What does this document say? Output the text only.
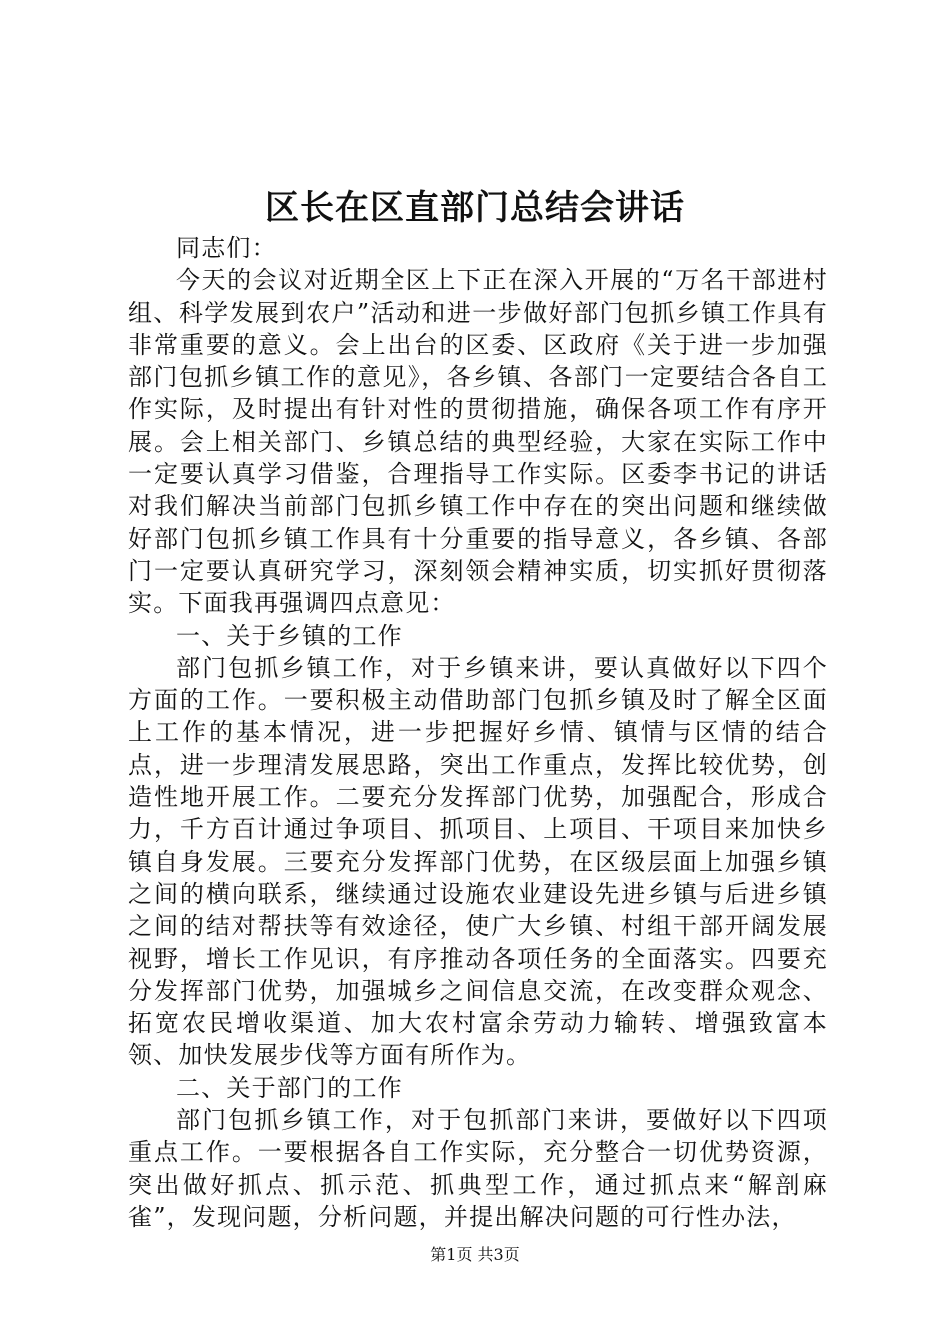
区长在区直部门总结会讲话

同志们：

今天的会议对近期全区上下正在深入开展的“万名干部进村组、科学发展到农户”活动和进一步做好部门包抓乡镇工作具有非常重要的意义。会上出台的区委、区政府《关于进一步加强部门包抓乡镇工作的意见》，各乡镇、各部门一定要结合各自工作实际，及时提出有针对性的贯彻措施，确保各项工作有序开展。会上相关部门、乡镇总结的典型经验，大家在实际工作中一定要认真学习借鉴，合理指导工作实际。区委李书记的讲话对我们解决当前部门包抓乡镇工作中存在的突出问题和继续做好部门包抓乡镇工作具有十分重要的指导意义，各乡镇、各部门一定要认真研究学习，深刻领会精神实质，切实抓好贯彻落实。下面我再强调四点意见：

一、关于乡镇的工作

部门包抓乡镇工作，对于乡镇来讲，要认真做好以下四个方面的工作。一要积极主动借助部门包抓乡镇及时了解全区面上工作的基本情况，进一步把握好乡情、镇情与区情的结合点，进一步理清发展思路，突出工作重点，发挥比较优势，创造性地开展工作。二要充分发挥部门优势，加强配合，形成合力，千方百计通过争项目、抓项目、上项目、干项目来加快乡镇自身发展。三要充分发挥部门优势，在区级层面上加强乡镇之间的横向联系，继续通过设施农业建设先进乡镇与后进乡镇之间的结对帮扶等有效途径，使广大乡镇、村组干部开阔发展视野，增长工作见识，有序推动各项任务的全面落实。四要充分发挥部门优势，加强城乡之间信息交流，在改变群众观念、拓宽农民增收渠道、加大农村富余劳动力输转、增强致富本领、加快发展步伐等方面有所作为。

二、关于部门的工作

部门包抓乡镇工作，对于包抓部门来讲，要做好以下四项重点工作。一要根据各自工作实际，充分整合一切优势资源，突出做好抓点、抓示范、抓典型工作，通过抓点来“解剖麻雀”，发现问题，分析问题，并提出解决问题的可行性办法，

第1页 共3页
